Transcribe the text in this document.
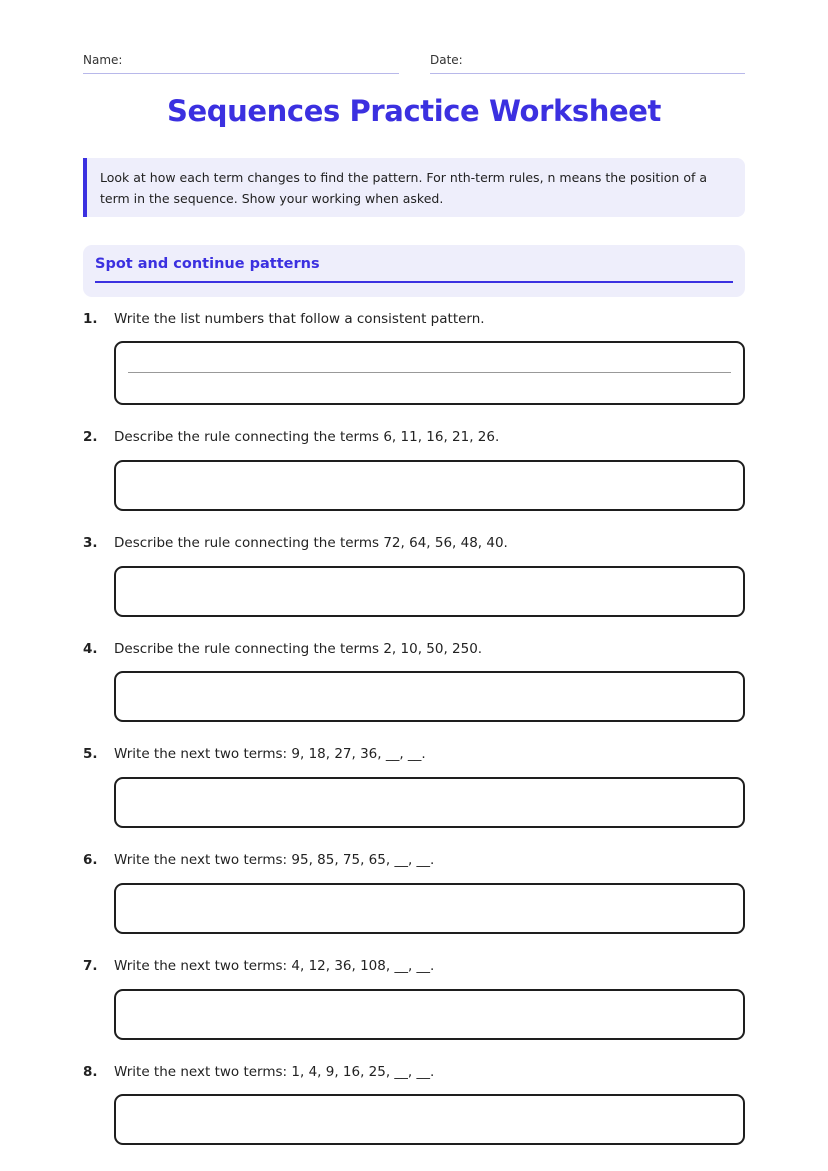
Name:	Date:
Sequences Practice Worksheet
Look at how each term changes to find the pattern. For nth-term rules, n means the position of a term in the sequence. Show your working when asked.
Spot and continue patterns
1. Write the list numbers that follow a consistent pattern.
2. Describe the rule connecting the terms 6, 11, 16, 21, 26.
3. Describe the rule connecting the terms 72, 64, 56, 48, 40.
4. Describe the rule connecting the terms 2, 10, 50, 250.
5. Write the next two terms: 9, 18, 27, 36, __, __.
6. Write the next two terms: 95, 85, 75, 65, __, __.
7. Write the next two terms: 4, 12, 36, 108, __, __.
8. Write the next two terms: 1, 4, 9, 16, 25, __, __.
